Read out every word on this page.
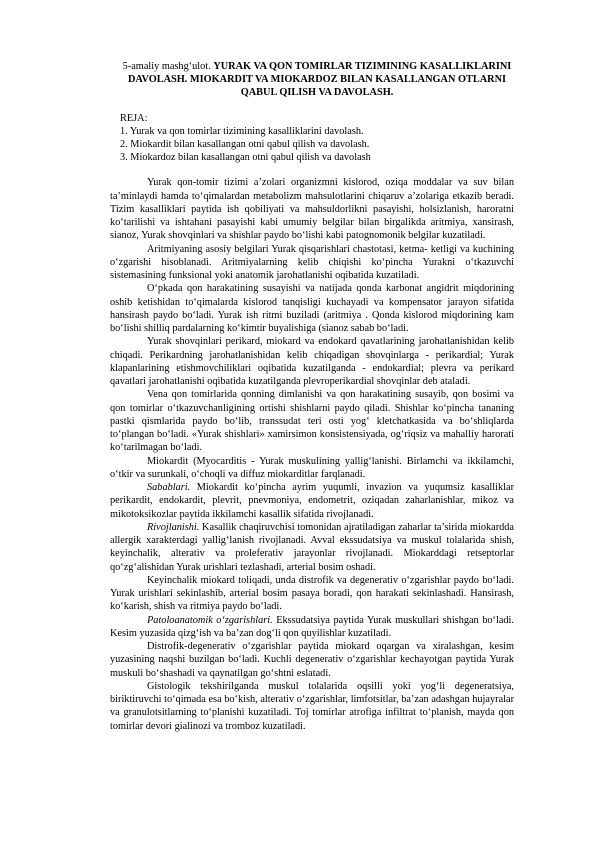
5-amaliy mashg‘ulot. YURAK VA QON TOMIRLAR TIZIMINING KASALLIKLARINI DAVOLASH. MIOKARDIT VA MIOKARDOZ BILAN KASALLANGAN OTLARNI QABUL QILISH VA DAVOLASH.
REJA:
1. Yurak va qon tomirlar tizimining kasalliklarini davolash.
2. Miokardit bilan kasallangan otni qabul qilish va davolash.
3. Miokardoz bilan kasallangan otni qabul qilish va davolash

Yurak qon-tomir tizimi a’zolari organizmni kislorod, oziqa moddalar va suv bilan ta’minlaydi hamda to‘qimalardan metabolizm mahsulotlarini chiqaruv a’zolariga etkazib beradi. Tizim kasalliklari paytida ish qobiliyati va mahsuldorlikni pasayishi, holsizlanish, haroratni ko‘tarilishi va ishtahani pasayishi kabi umumiy belgilar bilan birgalikda aritmiya, xansirash, sianoz, Yurak shovqinlari va shishlar paydo bo‘lishi kabi patognomonik belgilar kuzatiladi.

Aritmiyaning asosiy belgilari Yurak qisqarishlari chastotasi, ketma- ketligi va kuchining o‘zgarishi hisoblanadi. Aritmiyalarning kelib chiqishi ko‘pincha Yurakni o‘tkazuvchi sistemasining funksional yoki anatomik jarohatlanishi oqibatida kuzatiladi.

O‘pkada qon harakatining susayishi va natijada qonda karbonat angidrit miqdorining oshib ketishidan to‘qimalarda kislorod tanqisligi kuchayadi va kompensator jarayon sifatida hansirash paydo bo‘ladi. Yurak ish ritmi buziladi (aritmiya . Qonda kislorod miqdorining kam bo‘lishi shilliq pardalarning ko‘kimtir buyalishiga (sianoz sabab bo‘ladi.

Yurak shovqinlari perikard, miokard va endokard qavatlarining jarohatlanishidan kelib chiqadi. Perikardning jarohatlanishidan kelib chiqadigan shovqinlarga - perikardial; Yurak klapanlarining etishmovchiliklari oqibatida kuzatilganda - endokardial; plevra va perikard qavatlari jarohatlanishi oqibatida kuzatilganda plevroperikardial shovqinlar deb ataladi.

Vena qon tomirlarida qonning dimlanishi va qon harakatining susayib, qon bosimi va qon tomirlar o‘tkazuvchanligining ortishi shishlarni paydo qiladi. Shishlar ko‘pincha tananing pastki qismlarida paydo bo‘lib, transsudat teri osti yog‘ kletchatkasida va bo‘shliqlarda to‘plangan bo‘ladi. «Yurak shishlari» xamirsimon konsistensiyada, og‘riqsiz va mahalliy harorati ko‘tarilmagan bo‘ladi.

Miokardit (Myocarditis - Yurak muskulining yallig‘lanishi. Birlamchi va ikkilamchi, o‘tkir va surunkali, o‘choqli va diffuz miokarditlar farqlanadi.

Sabablari. Miokardit ko‘pincha ayrim yuqumli, invazion va yuqumsiz kasalliklar perikardit, endokardit, plevrit, pnevmoniya, endometrit, oziqadan zaharlanishlar, mikoz va mikotoksikozlar paytida ikkilamchi kasallik sifatida rivojlanadi.

Rivojlanishi. Kasallik chaqiruvchisi tomonidan ajratiladigan zaharlar ta’sirida miokardda allergik xarakterdagi yallig‘lanish rivojlanadi. Avval ekssudatsiya va muskul tolalarida shish, keyinchalik, alterativ va proleferativ jarayonlar rivojlanadi. Miokarddagi retseptorlar qo‘zg‘alishidan Yurak urishlari tezlashadi, arterial bosim oshadi.

Keyinchalik miokard toliqadi, unda distrofik va degenerativ o‘zgarishlar paydo bo‘ladi. Yurak urishlari sekinlashib, arterial bosim pasaya boradi, qon harakati sekinlashadi. Hansirash, ko‘karish, shish va ritmiya paydo bo‘ladi.

Patoloanatomik o‘zgarishlari. Ekssudatsiya paytida Yurak muskullari shishgan bo‘ladi. Kesim yuzasida qizg‘ish va ba’zan dog‘li qon quyilishlar kuzatiladi.

Distrofik-degenerativ o‘zgarishlar paytida miokard oqargan va xiralashgan, kesim yuzasining naqshi buzilgan bo‘ladi. Kuchli degenerativ o‘zgarishlar kechayotgan paytida Yurak muskuli bo‘shashadi va qaynatilgan go‘shtni eslatadi.

Gistologik tekshirilganda muskul tolalarida oqsilli yoki yog‘li degeneratsiya, biriktiruvchi to‘qimada esa bo‘kish, alterativ o‘zgarishlar, limfotsitlar, ba’zan adashgan hujayralar va granulotsitlarning to‘planishi kuzatiladi. Toj tomirlar atrofiga infiltrat to‘planish, mayda qon tomirlar devori gialinozi va tromboz kuzatiladi.
